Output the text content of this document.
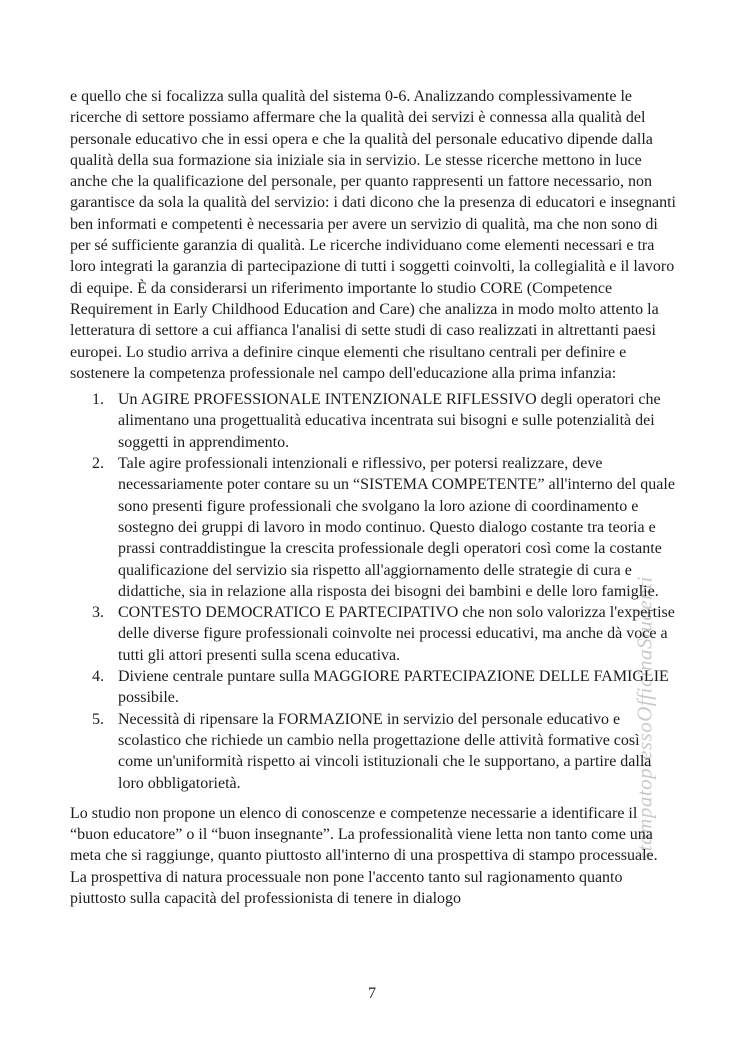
stampatopressoOfficinaStudenti

e quello che si focalizza sulla qualità del sistema 0-6. Analizzando complessivamente le ricerche di settore possiamo affermare che la qualità dei servizi è connessa alla qualità del personale educativo che in essi opera e che la qualità del personale educativo dipende dalla qualità della sua formazione sia iniziale sia in servizio. Le stesse ricerche mettono in luce anche che la qualificazione del personale, per quanto rappresenti un fattore necessario, non garantisce da sola la qualità del servizio: i dati dicono che la presenza di educatori e insegnanti ben informati e competenti è necessaria per avere un servizio di qualità, ma che non sono di per sé sufficiente garanzia di qualità. Le ricerche individuano come elementi necessari e tra loro integrati la garanzia di partecipazione di tutti i soggetti coinvolti, la collegialità e il lavoro di equipe. È da considerarsi un riferimento importante lo studio CORE (Competence Requirement in Early Childhood Education and Care) che analizza in modo molto attento la letteratura di settore a cui affianca l'analisi di sette studi di caso realizzati in altrettanti paesi europei. Lo studio arriva a definire cinque elementi che risultano centrali per definire e sostenere la competenza professionale nel campo dell'educazione alla prima infanzia:

1. Un AGIRE PROFESSIONALE INTENZIONALE RIFLESSIVO degli operatori che alimentano una progettualità educativa incentrata sui bisogni e sulle potenzialità dei soggetti in apprendimento.
2. Tale agire professionali intenzionali e riflessivo, per potersi realizzare, deve necessariamente poter contare su un “SISTEMA COMPETENTE” all'interno del quale sono presenti figure professionali che svolgano la loro azione di coordinamento e sostegno dei gruppi di lavoro in modo continuo. Questo dialogo costante tra teoria e prassi contraddistingue la crescita professionale degli operatori così come la costante qualificazione del servizio sia rispetto all'aggiornamento delle strategie di cura e didattiche, sia in relazione alla risposta dei bisogni dei bambini e delle loro famiglie.
3. CONTESTO DEMOCRATICO E PARTECIPATIVO che non solo valorizza l'expertise delle diverse figure professionali coinvolte nei processi educativi, ma anche dà voce a tutti gli attori presenti sulla scena educativa.
4. Diviene centrale puntare sulla MAGGIORE PARTECIPAZIONE DELLE FAMIGLIE possibile.
5. Necessità di ripensare la FORMAZIONE in servizio del personale educativo e scolastico che richiede un cambio nella progettazione delle attività formative così come un'uniformità rispetto ai vincoli istituzionali che le supportano, a partire dalla loro obbligatorietà.

Lo studio non propone un elenco di conoscenze e competenze necessarie a identificare il “buon educatore” o il “buon insegnante”. La professionalità viene letta non tanto come una meta che si raggiunge, quanto piuttosto all'interno di una prospettiva di stampo processuale. La prospettiva di natura processuale non pone l'accento tanto sul ragionamento quanto piuttosto sulla capacità del professionista di tenere in dialogo

7
